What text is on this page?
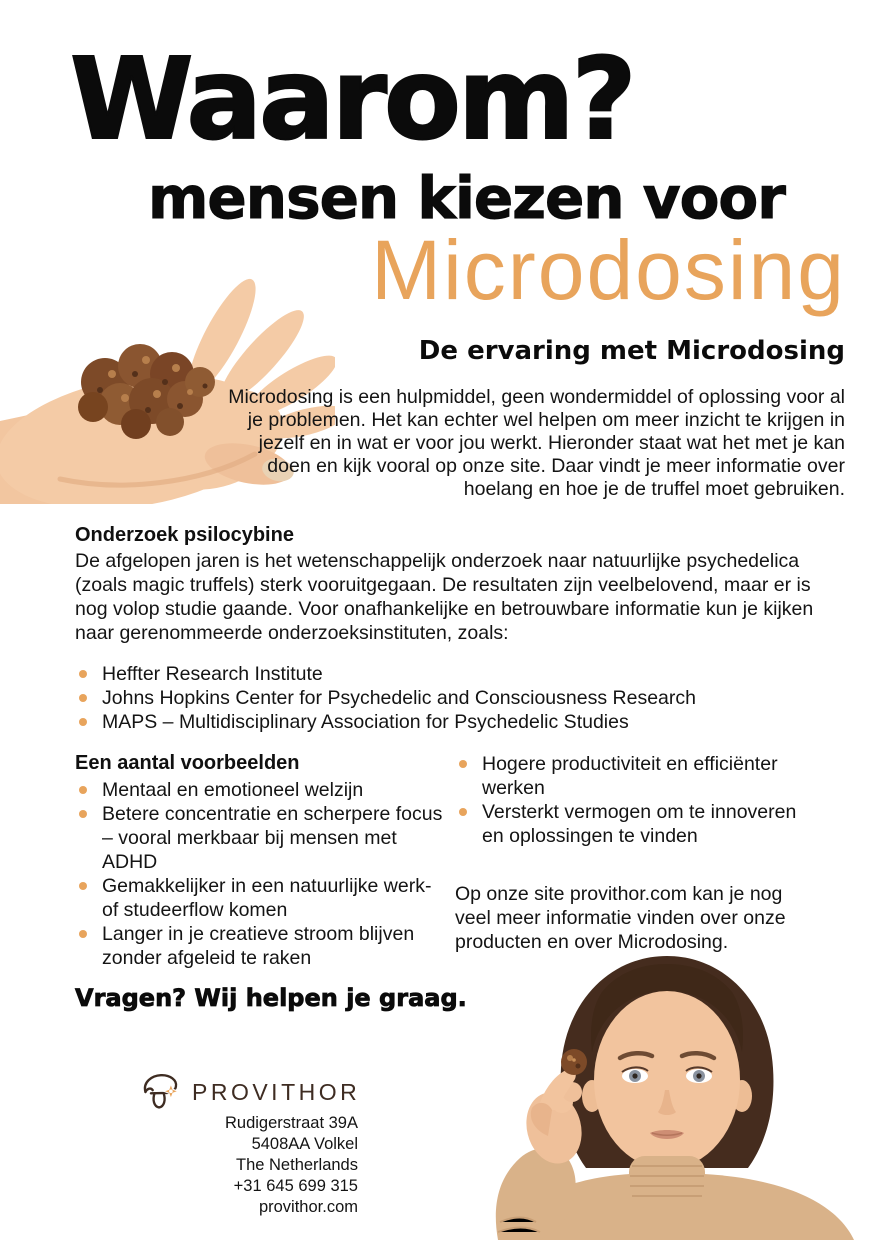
Waarom?
mensen kiezen voor
Microdosing
De ervaring met Microdosing

Microdosing is een hulpmiddel, geen wondermiddel of oplossing voor al je problemen. Het kan echter wel helpen om meer inzicht te krijgen in jezelf en in wat er voor jou werkt. Hieronder staat wat het met je kan doen en kijk vooral op onze site. Daar vindt je meer informatie over hoelang en hoe je de truffel moet gebruiken.

Onderzoek psilocybine

De afgelopen jaren is het wetenschappelijk onderzoek naar natuurlijke psychedelica (zoals magic truffels) sterk vooruitgegaan. De resultaten zijn veelbelovend, maar er is nog volop studie gaande. Voor onafhankelijke en betrouwbare informatie kun je kijken naar gerenommeerde onderzoeksinstituten, zoals:

Heffter Research Institute
Johns Hopkins Center for Psychedelic and Consciousness Research
MAPS – Multidisciplinary Association for Psychedelic Studies
Een aantal voorbeelden
Mentaal en emotioneel welzijn
Betere concentratie en scherpere focus – vooral merkbaar bij mensen met ADHD
Gemakkelijker in een natuurlijke werk- of studeerflow komen
Langer in je creatieve stroom blijven zonder afgeleid te raken
Hogere productiviteit en efficiënter werken
Versterkt vermogen om te innoveren en oplossingen te vinden

Op onze site provithor.com kan je nog veel meer informatie vinden over onze producten en over Microdosing.

Vragen? Wij helpen je graag.
PROVITHOR
Rudigerstraat 39A
5408AA Volkel
The Netherlands
+31 645 699 315
provithor.com
